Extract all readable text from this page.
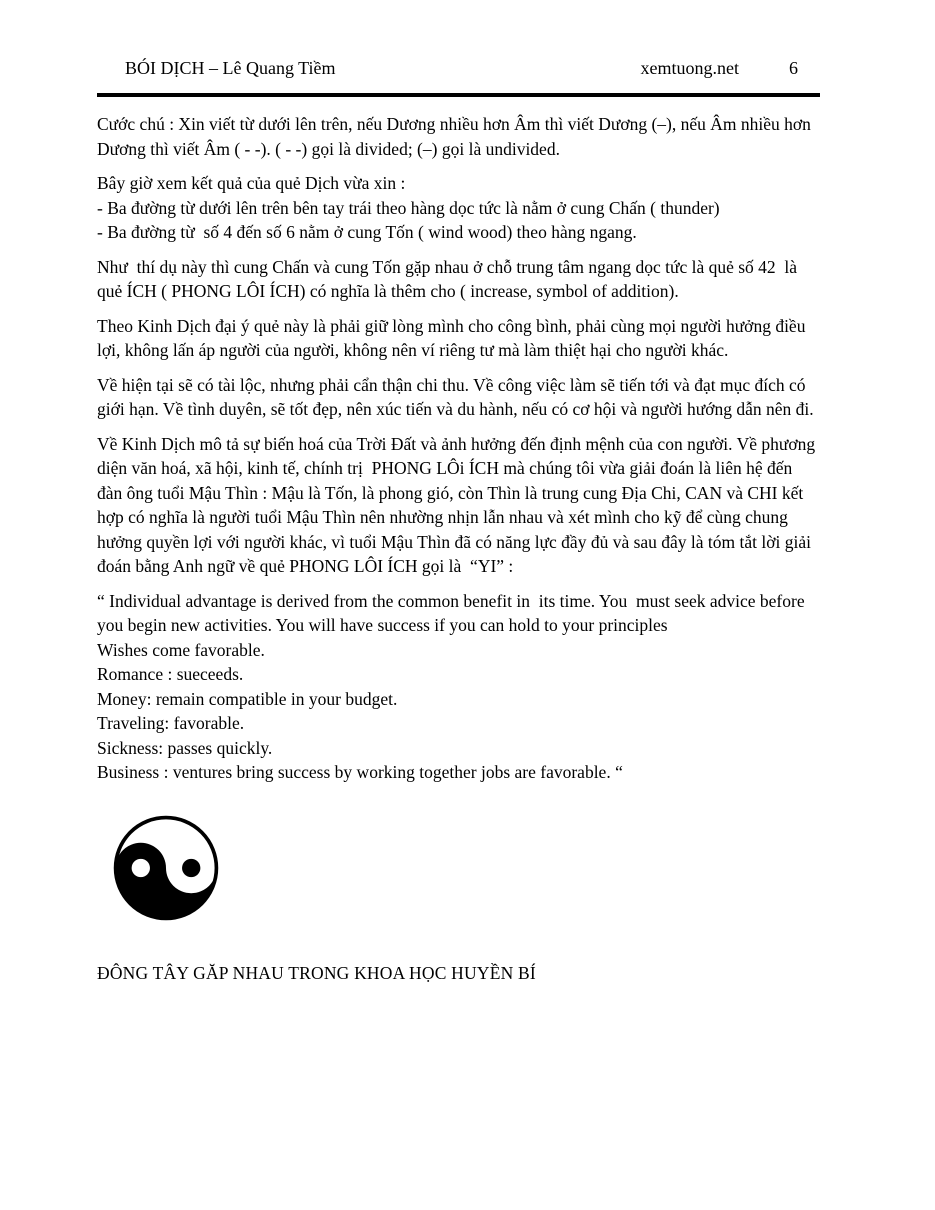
BÓI DỊCH – Lê Quang Tiềm	xemtuong.net	6

Cước chú : Xin viết từ dưới lên trên, nếu Dương nhiều hơn Âm thì viết Dương (–), nếu Âm nhiều hơn Dương thì viết Âm ( - -). ( - -) gọi là divided; (–) gọi là undivided.

Bây giờ xem kết quả của quẻ Dịch vừa xin :
- Ba đường từ dưới lên trên bên tay trái theo hàng dọc tức là nằm ở cung Chấn ( thunder)
- Ba đường từ  số 4 đến số 6 nằm ở cung Tốn ( wind wood) theo hàng ngang.

Như  thí dụ này thì cung Chấn và cung Tốn gặp nhau ở chỗ trung tâm ngang dọc tức là quẻ số 42  là quẻ ÍCH ( PHONG LÔI ÍCH) có nghĩa là thêm cho ( increase, symbol of addition).

Theo Kinh Dịch đại ý quẻ này là phải giữ lòng mình cho công bình, phải cùng mọi người hưởng điều lợi, không lấn áp người của người, không nên ví riêng tư mà làm thiệt hại cho người khác.

Về hiện tại sẽ có tài lộc, nhưng phải cẩn thận chi thu. Về công việc làm sẽ tiến tới và đạt mục đích có giới hạn. Về tình duyên, sẽ tốt đẹp, nên xúc tiến và du hành, nếu có cơ hội và người hướng dẫn nên đi.

Về Kinh Dịch mô tả sự biến hoá của Trời Đất và ảnh hưởng đến định mệnh của con người. Về phương diện văn hoá, xã hội, kinh tế, chính trị  PHONG LÔi ÍCH mà chúng tôi vừa giải đoán là liên hệ đến đàn ông tuổi Mậu Thìn : Mậu là Tốn, là phong gió, còn Thìn là trung cung Địa Chi, CAN và CHI kết hợp có nghĩa là người tuổi Mậu Thìn nên nhường nhịn lẫn nhau và xét mình cho kỹ để cùng chung hưởng quyền lợi với người khác, vì tuổi Mậu Thìn đã có năng lực đầy đủ và sau đây là tóm tắt lời giải đoán bằng Anh ngữ về quẻ PHONG LÔI ÍCH gọi là  “YI” :

“ Individual advantage is derived from the common benefit in  its time. You  must seek advice before you begin new activities. You will have success if you can hold to your principles
Wishes come favorable.
Romance : sueceeds.
Money: remain compatible in your budget.
Traveling: favorable.
Sickness: passes quickly.
Business : ventures bring success by working together jobs are favorable. “

ĐÔNG TÂY GĂP NHAU TRONG KHOA HỌC HUYỀN BÍ
